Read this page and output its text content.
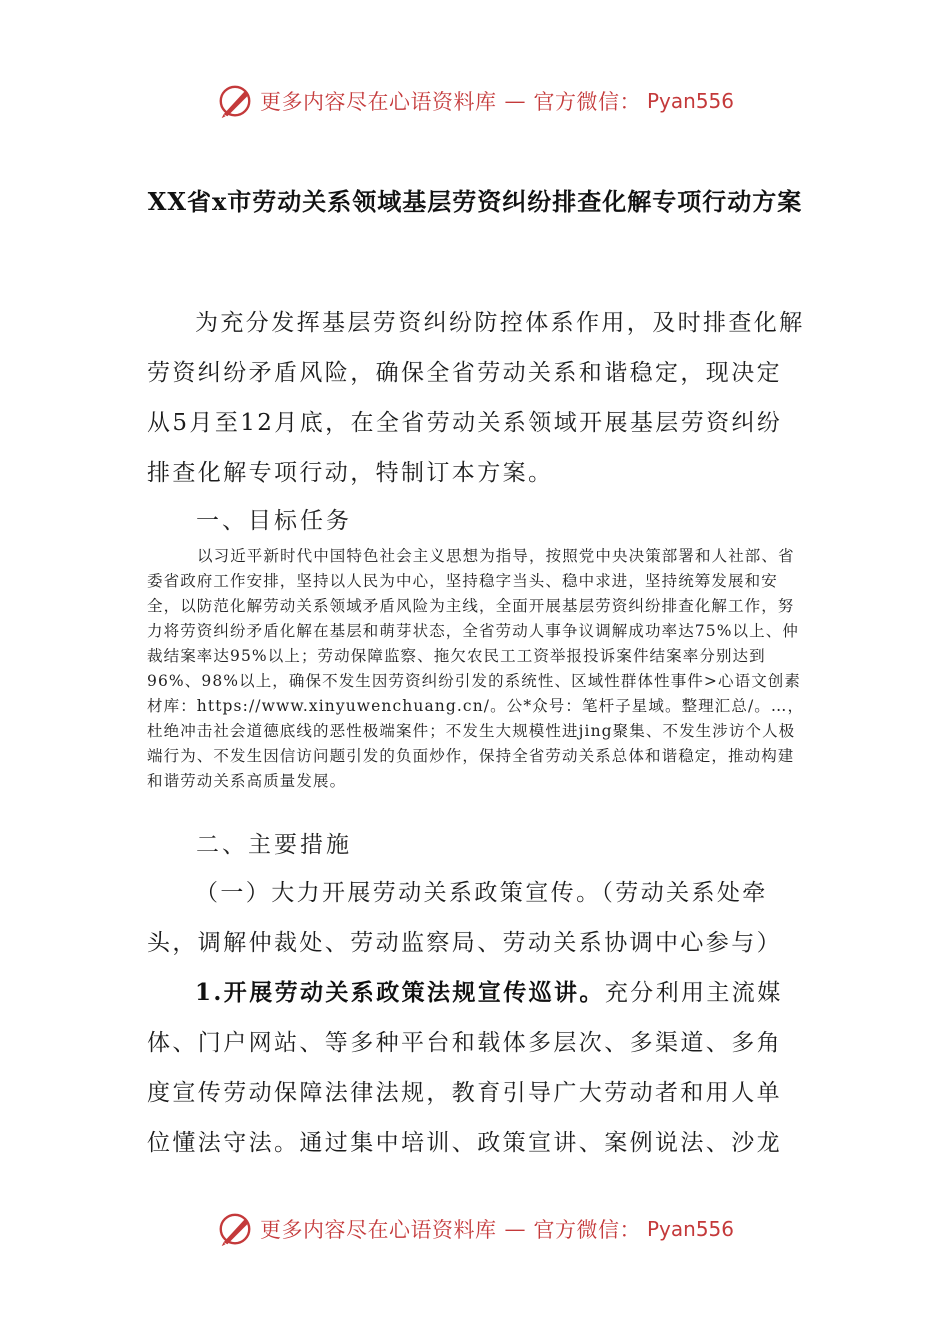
更多内容尽在心语资料库 — 官方微信： Pyan556
XX省x市劳动关系领域基层劳资纠纷排查化解专项行动方案

为充分发挥基层劳资纠纷防控体系作用，及时排查化解劳资纠纷矛盾风险，确保全省劳动关系和谐稳定，现决定从5月至12月底，在全省劳动关系领域开展基层劳资纠纷排查化解专项行动，特制订本方案。

一、目标任务

以习近平新时代中国特色社会主义思想为指导，按照党中央决策部署和人社部、省委省政府工作安排，坚持以人民为中心，坚持稳字当头、稳中求进，坚持统筹发展和安全，以防范化解劳动关系领域矛盾风险为主线，全面开展基层劳资纠纷排查化解工作，努力将劳资纠纷矛盾化解在基层和萌芽状态，全省劳动人事争议调解成功率达75%以上、仲裁结案率达95%以上；劳动保障监察、拖欠农民工工资举报投诉案件结案率分别达到96%、98%以上，确保不发生因劳资纠纷引发的系统性、区域性群体性事件>心语文创素材库：https://www.xinyuwenchuang.cn/。公*众号：笔杆子星域。整理汇总/。…，杜绝冲击社会道德底线的恶性极端案件；不发生大规模性进jing聚集、不发生涉访个人极端行为、不发生因信访问题引发的负面炒作，保持全省劳动关系总体和谐稳定，推动构建和谐劳动关系高质量发展。

二、主要措施

（一）大力开展劳动关系政策宣传。（劳动关系处牵头，调解仲裁处、劳动监察局、劳动关系协调中心参与）

1.开展劳动关系政策法规宣传巡讲。充分利用主流媒体、门户网站、等多种平台和载体多层次、多渠道、多角度宣传劳动保障法律法规，教育引导广大劳动者和用人单位懂法守法。通过集中培训、政策宣讲、案例说法、沙龙

更多内容尽在心语资料库 — 官方微信： Pyan556
